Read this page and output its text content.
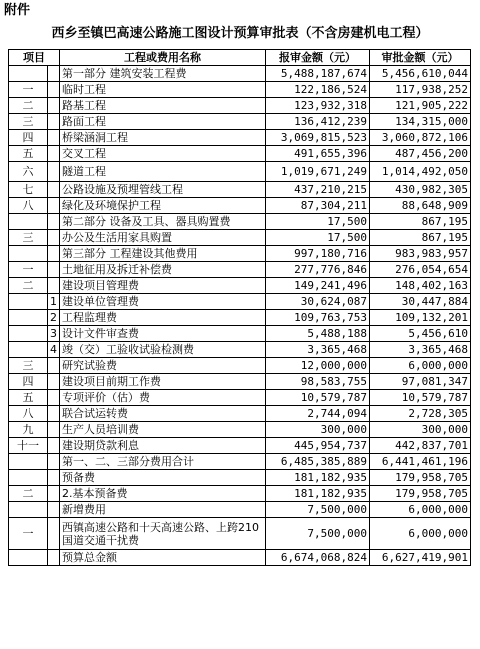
附件
西乡至镇巴高速公路施工图设计预算审批表（不含房建机电工程）
项目		工程或费用名称	报审金额（元）	审批金额（元）
		第一部分 建筑安装工程费	5,488,187,674	5,456,610,044
一		临时工程	122,186,524	117,938,252
二		路基工程	123,932,318	121,905,222
三		路面工程	136,412,239	134,315,000
四		桥梁涵洞工程	3,069,815,523	3,060,872,106
五		交叉工程	491,655,396	487,456,200
六		隧道工程	1,019,671,249	1,014,492,050
七		公路设施及预埋管线工程	437,210,215	430,982,305
八		绿化及环境保护工程	87,304,211	88,648,909
		第二部分 设备及工具、器具购置费	17,500	867,195
三		办公及生活用家具购置	17,500	867,195
		第三部分 工程建设其他费用	997,180,716	983,983,957
一		土地征用及拆迁补偿费	277,776,846	276,054,654
二		建设项目管理费	149,241,496	148,402,163
	1	建设单位管理费	30,624,087	30,447,884
	2	工程监理费	109,763,753	109,132,201
	3	设计文件审查费	5,488,188	5,456,610
	4	竣（交）工验收试验检测费	3,365,468	3,365,468
三		研究试验费	12,000,000	6,000,000
四		建设项目前期工作费	98,583,755	97,081,347
五		专项评价（估）费	10,579,787	10,579,787
八		联合试运转费	2,744,094	2,728,305
九		生产人员培训费	300,000	300,000
十一		建设期贷款利息	445,954,737	442,837,701
		第一、二、三部分费用合计	6,485,385,889	6,441,461,196
		预备费	181,182,935	179,958,705
二		2.基本预备费	181,182,935	179,958,705
		新增费用	7,500,000	6,000,000
一		西镇高速公路和十天高速公路、上跨210国道交通干扰费	7,500,000	6,000,000
		预算总金额	6,674,068,824	6,627,419,901
